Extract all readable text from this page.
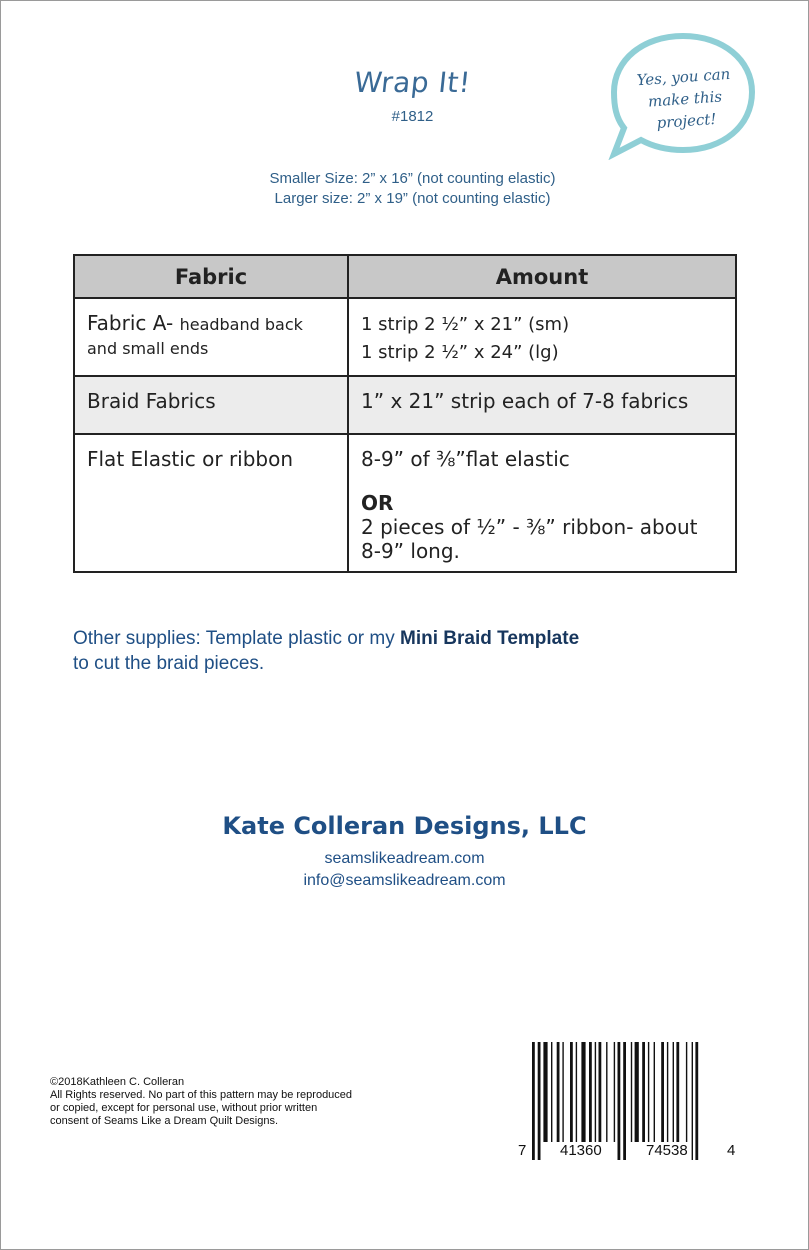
Wrap It!
#1812
Yes, you can
make this
project!
Smaller Size: 2” x 16” (not counting elastic)
Larger size: 2” x 19” (not counting elastic)
Fabric	Amount
Fabric A- headband back and small ends	1 strip 2 ½” x 21” (sm)
1 strip 2 ½” x 24” (lg)

Braid Fabrics	1” x 21” strip each of 7-8 fabrics

Flat Elastic or ribbon	8-9” of ⅜”flat elastic
OR
2 pieces of ½” - ⅜” ribbon- about 8-9” long.
Other supplies: Template plastic or my Mini Braid Template
to cut the braid pieces.
Kate Colleran Designs, LLC
seamslikeadream.com
info@seamslikeadream.com
©2018Kathleen C. Colleran
All Rights reserved. No part of this pattern may be reproduced
or copied, except for personal use, without prior written
consent of Seams Like a Dream Quilt Designs.
7 41360	74538	4
